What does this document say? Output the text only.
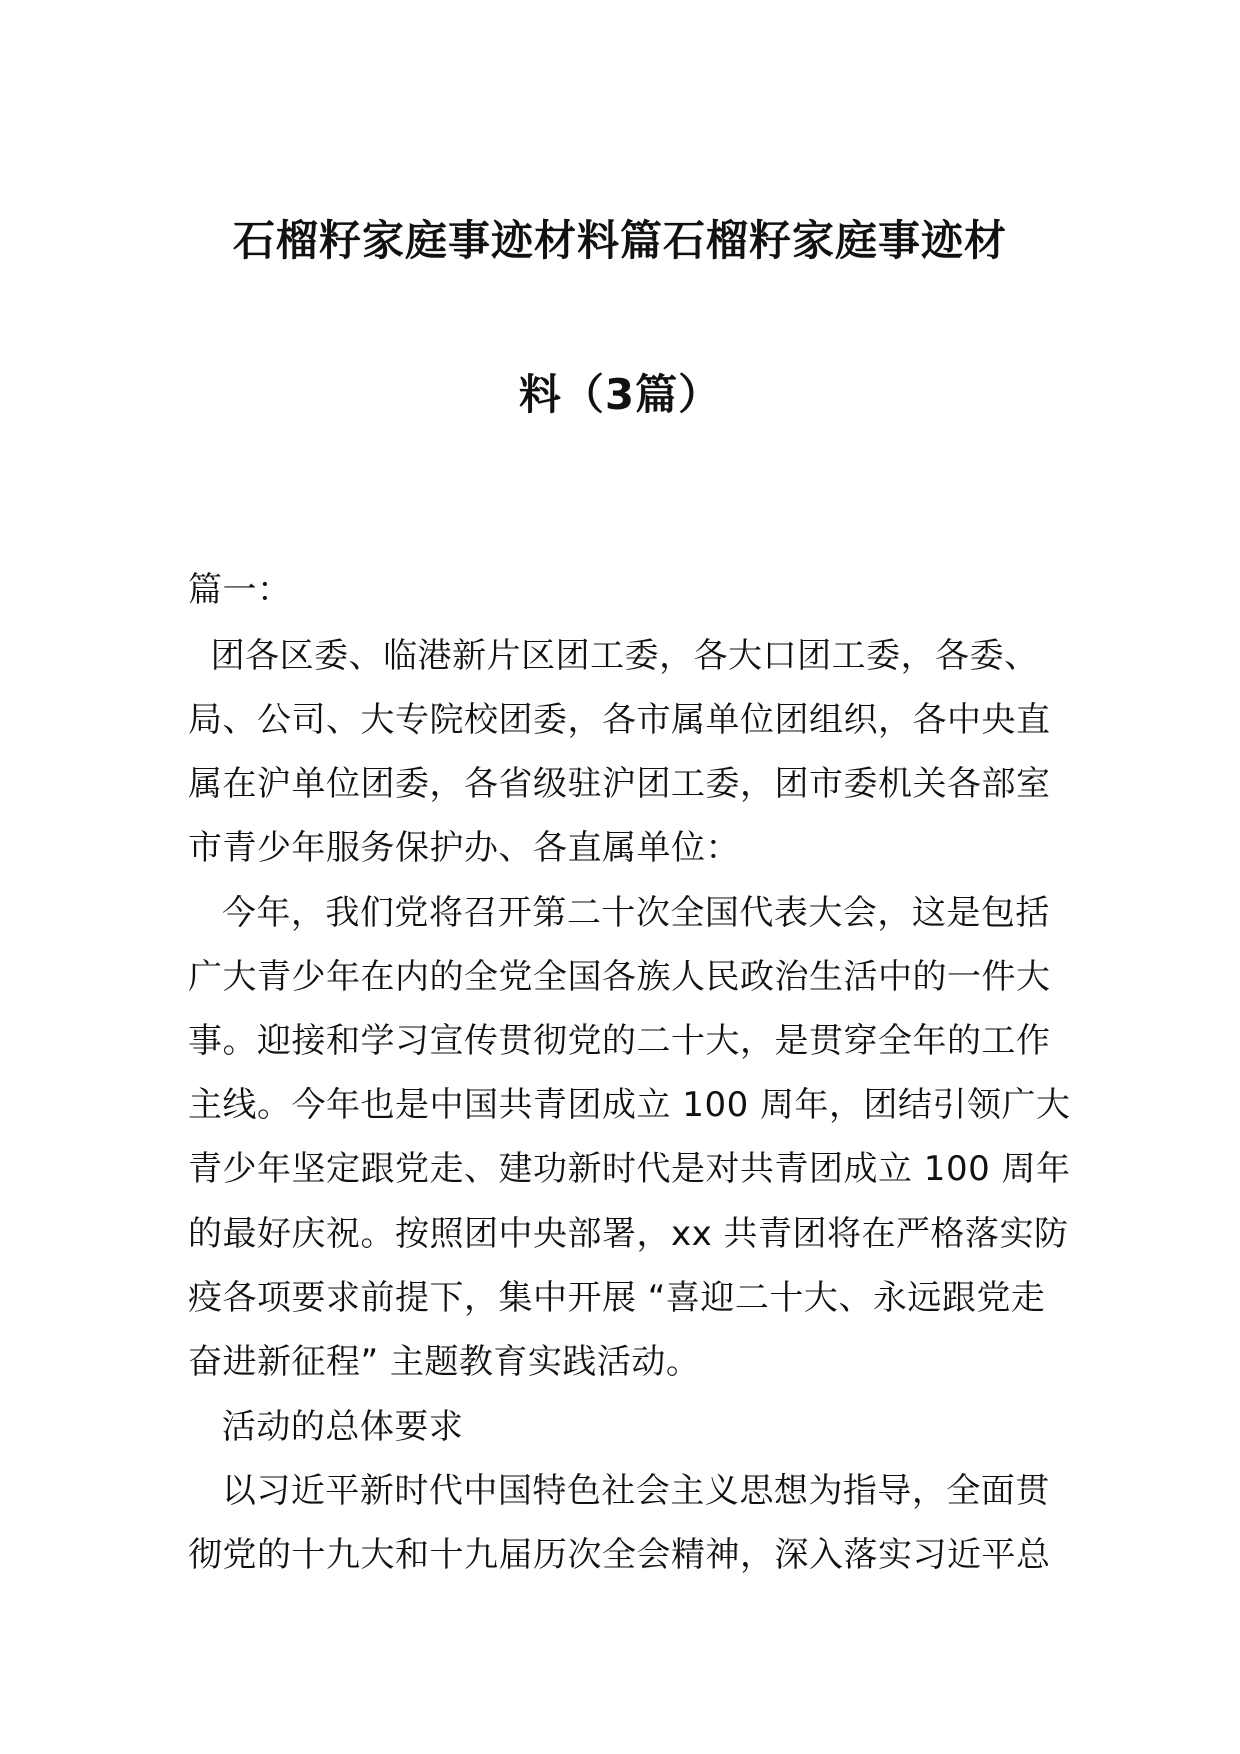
石榴籽家庭事迹材料篇石榴籽家庭事迹材
料（3篇）
篇一：
团各区委、临港新片区团工委，各大口团工委，各委、
局、公司、大专院校团委，各市属单位团组织，各中央直
属在沪单位团委，各省级驻沪团工委，团市委机关各部室
市青少年服务保护办、各直属单位：
今年，我们党将召开第二十次全国代表大会，这是包括
广大青少年在内的全党全国各族人民政治生活中的一件大
事。迎接和学习宣传贯彻党的二十大，是贯穿全年的工作
主线。今年也是中国共青团成立 100 周年，团结引领广大
青少年坚定跟党走、建功新时代是对共青团成立 100 周年
的最好庆祝。按照团中央部署，xx 共青团将在严格落实防
疫各项要求前提下，集中开展 “喜迎二十大、永远跟党走
奋进新征程” 主题教育实践活动。
活动的总体要求
以习近平新时代中国特色社会主义思想为指导，全面贯
彻党的十九大和十九届历次全会精神，深入落实习近平总
